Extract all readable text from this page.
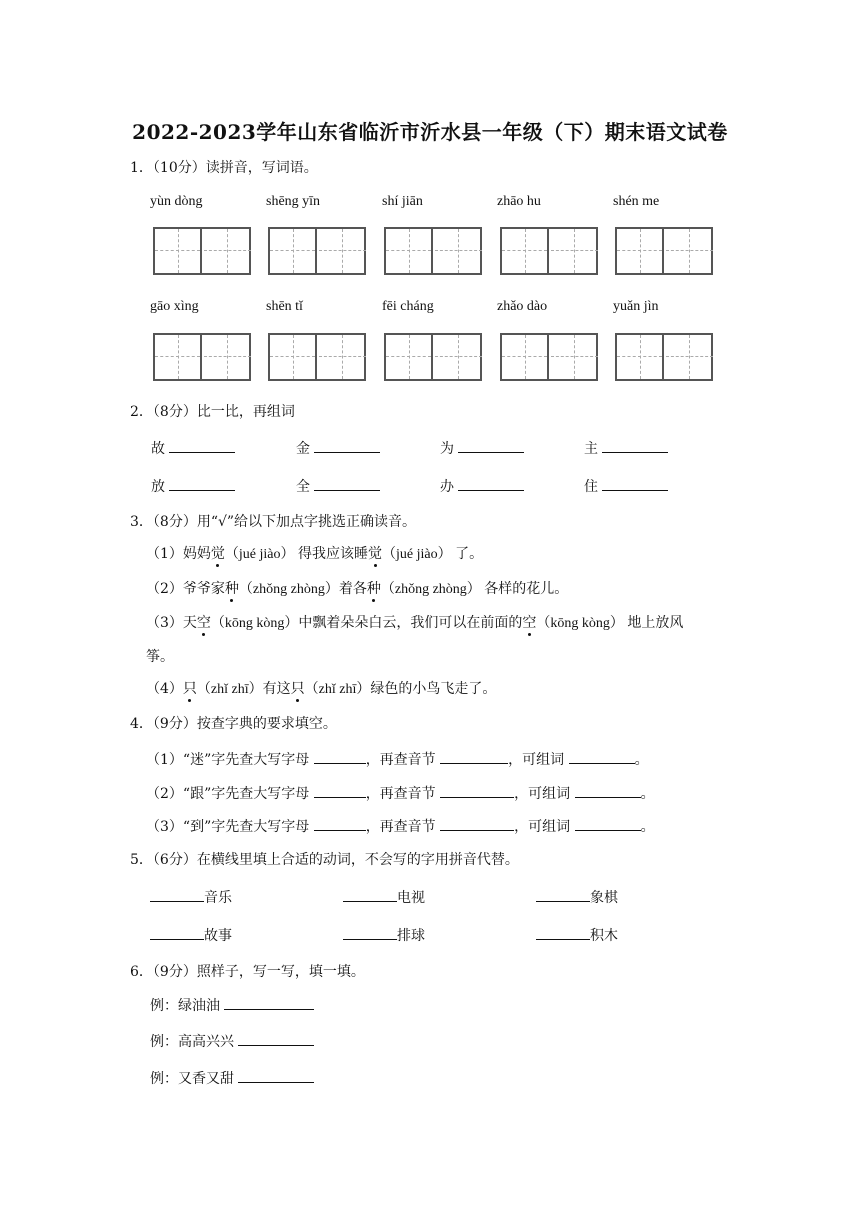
2022-2023学年山东省临沂市沂水县一年级（下）期末语文试卷
1．（10分）读拼音，写词语。
yùn dòng	shēng yīn	shí jiān	zhāo hu	shén me
gāo xìng	shēn tǐ	fēi cháng	zhǎo dào	yuǎn jìn
2．（8分）比一比，再组词
故	金	为	主
放	全	办	住
3．（8分）用“√”给以下加点字挑选正确读音。
（1）妈妈觉（jué jiào） 得我应该睡觉（jué jiào） 了。
（2）爷爷家种（zhǒng zhòng）着各种（zhǒng zhòng） 各样的花儿。
（3）天空（kōng kòng）中飘着朵朵白云，我们可以在前面的空（kōng kòng） 地上放风
筝。
（4）只（zhǐ zhī）有这只（zhǐ zhī）绿色的小鸟飞走了。
4．（9分）按查字典的要求填空。
（1）“迷”字先查大写字母	，再查音节	，可组词	。
（2）“跟”字先查大写字母	，再查音节	，可组词	。
（3）“到”字先查大写字母	，再查音节	，可组词	。
5．（6分）在横线里填上合适的动词，不会写的字用拼音代替。
音乐	电视	象棋
故事	排球	积木
6．（9分）照样子，写一写，填一填。
例：绿油油
例：高高兴兴
例：又香又甜
